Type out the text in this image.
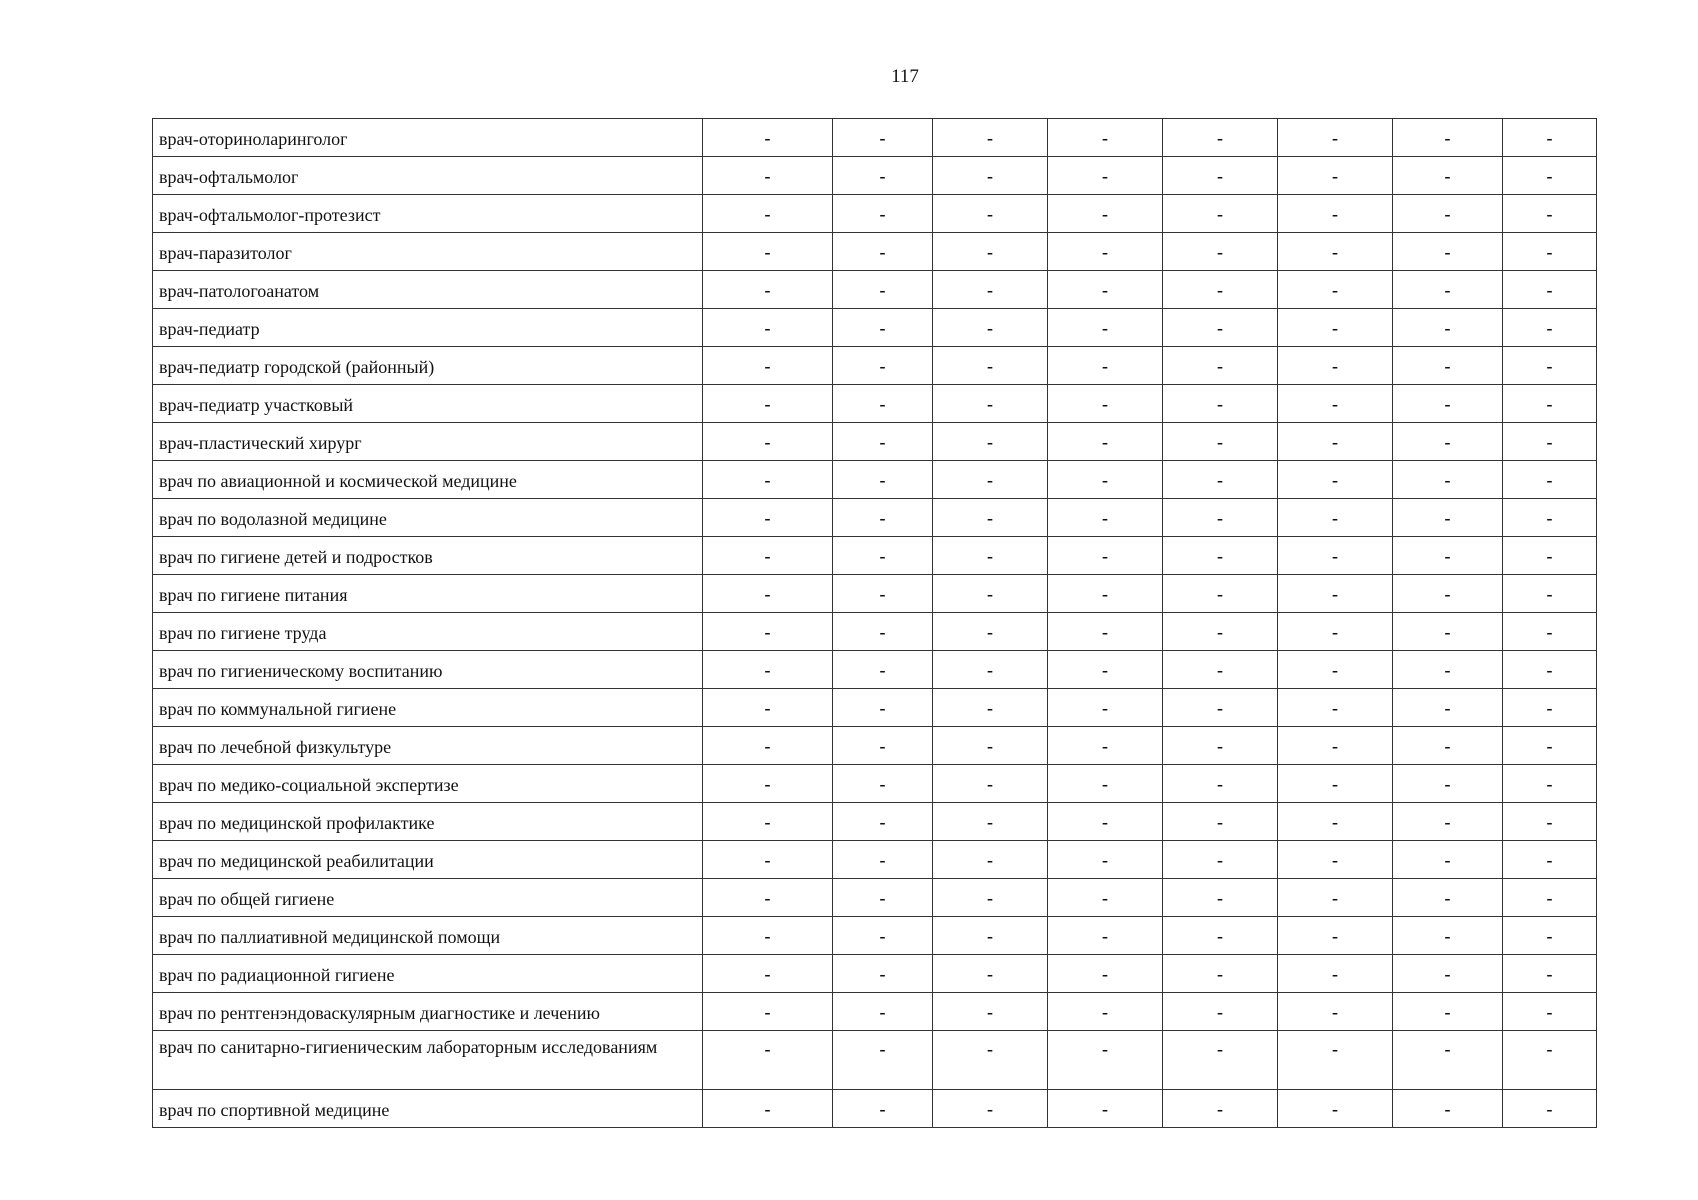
117
врач-оториноларинголог	-	-	-	-	-	-	-	-
врач-офтальмолог	-	-	-	-	-	-	-	-
врач-офтальмолог-протезист	-	-	-	-	-	-	-	-
врач-паразитолог	-	-	-	-	-	-	-	-
врач-патологоанатом	-	-	-	-	-	-	-	-
врач-педиатр	-	-	-	-	-	-	-	-
врач-педиатр городской (районный)	-	-	-	-	-	-	-	-
врач-педиатр участковый	-	-	-	-	-	-	-	-
врач-пластический хирург	-	-	-	-	-	-	-	-
врач по авиационной и космической медицине	-	-	-	-	-	-	-	-
врач по водолазной медицине	-	-	-	-	-	-	-	-
врач по гигиене детей и подростков	-	-	-	-	-	-	-	-
врач по гигиене питания	-	-	-	-	-	-	-	-
врач по гигиене труда	-	-	-	-	-	-	-	-
врач по гигиеническому воспитанию	-	-	-	-	-	-	-	-
врач по коммунальной гигиене	-	-	-	-	-	-	-	-
врач по лечебной физкультуре	-	-	-	-	-	-	-	-
врач по медико-социальной экспертизе	-	-	-	-	-	-	-	-
врач по медицинской профилактике	-	-	-	-	-	-	-	-
врач по медицинской реабилитации	-	-	-	-	-	-	-	-
врач по общей гигиене	-	-	-	-	-	-	-	-
врач по паллиативной медицинской помощи	-	-	-	-	-	-	-	-
врач по радиационной гигиене	-	-	-	-	-	-	-	-
врач по рентгенэндоваскулярным диагностике и лечению	-	-	-	-	-	-	-	-
врач по санитарно-гигиеническим лабораторным исследованиям	-	-	-	-	-	-	-	-
врач по спортивной медицине	-	-	-	-	-	-	-	-
